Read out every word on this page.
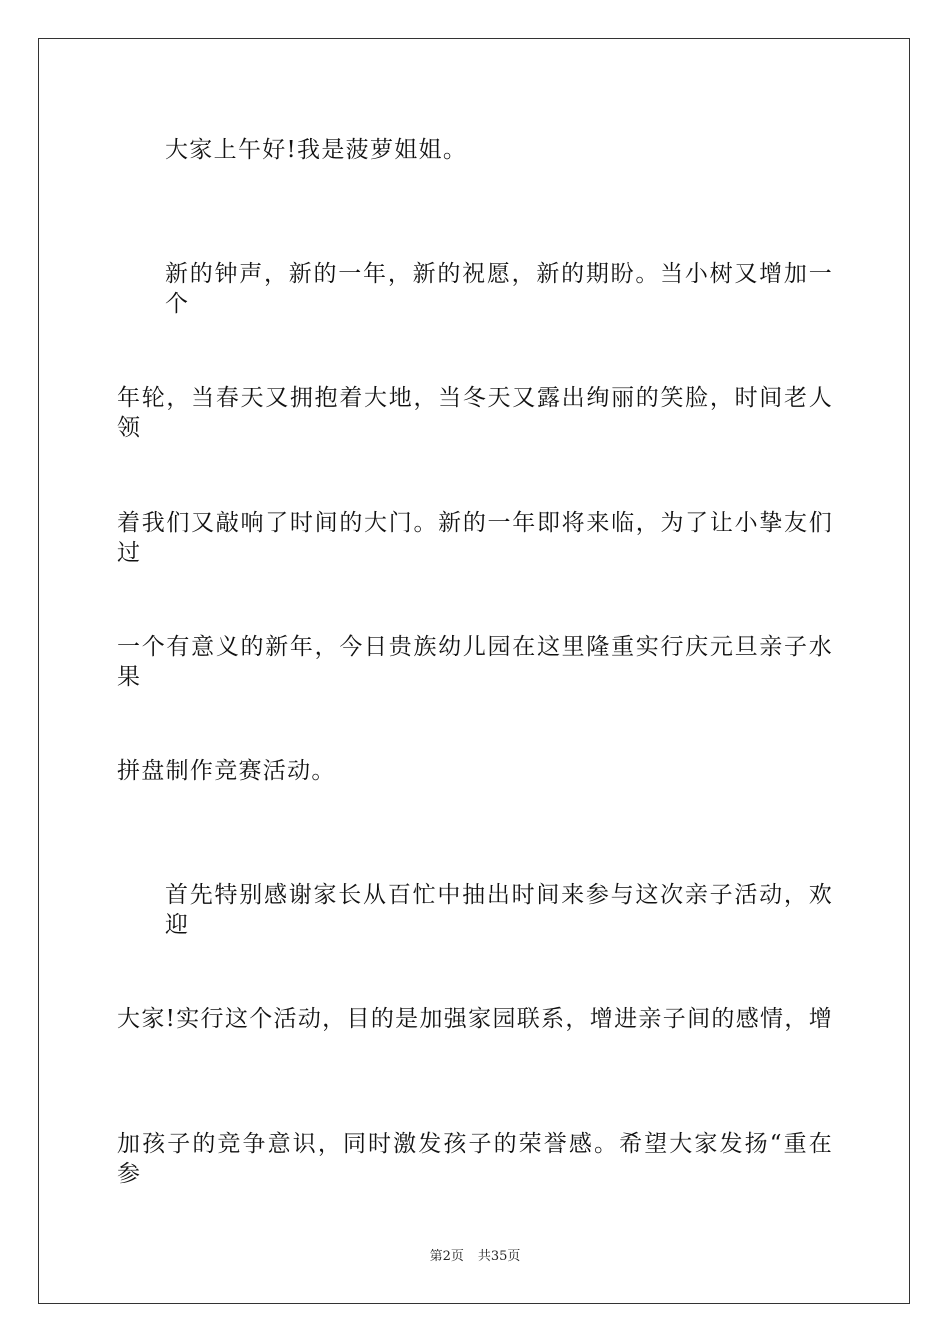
大家上午好!我是菠萝姐姐。
新的钟声，新的一年，新的祝愿，新的期盼。当小树又增加一个
年轮，当春天又拥抱着大地，当冬天又露出绚丽的笑脸，时间老人领
着我们又敲响了时间的大门。新的一年即将来临，为了让小挚友们过
一个有意义的新年，今日贵族幼儿园在这里隆重实行庆元旦亲子水果
拼盘制作竞赛活动。
首先特别感谢家长从百忙中抽出时间来参与这次亲子活动，欢迎
大家!实行这个活动，目的是加强家园联系，增进亲子间的感情，增
加孩子的竞争意识，同时激发孩子的荣誉感。希望大家发扬“重在参
第2页 共35页
